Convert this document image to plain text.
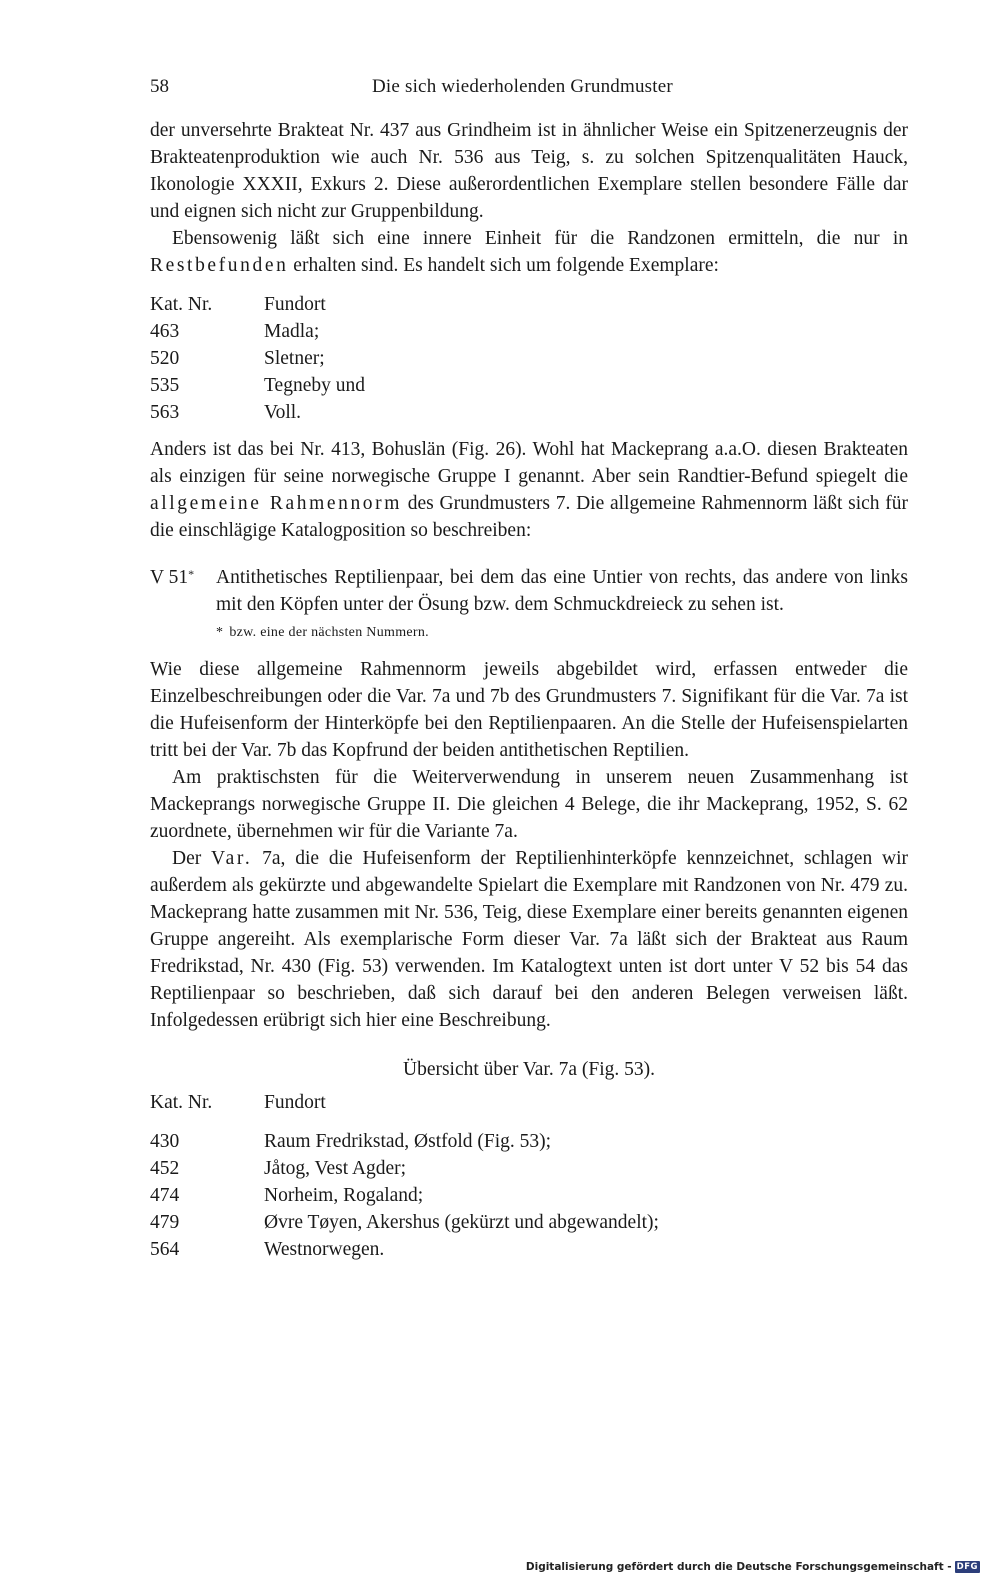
58	Die sich wiederholenden Grundmuster

der unversehrte Brakteat Nr. 437 aus Grindheim ist in ähnlicher Weise ein Spitzenerzeugnis der Brakteatenproduktion wie auch Nr. 536 aus Teig, s. zu solchen Spitzenqualitäten Hauck, Ikonologie XXXII, Exkurs 2. Diese außerordentlichen Exemplare stellen besondere Fälle dar und eignen sich nicht zur Gruppenbildung.

Ebensowenig läßt sich eine innere Einheit für die Randzonen ermitteln, die nur in Restbefunden erhalten sind. Es handelt sich um folgende Exemplare:

Kat. Nr.	Fundort
463	Madla;
520	Sletner;
535	Tegneby und
563	Voll.

Anders ist das bei Nr. 413, Bohuslän (Fig. 26). Wohl hat Mackeprang a.a.O. diesen Brakteaten als einzigen für seine norwegische Gruppe I genannt. Aber sein Randtier-Befund spiegelt die allgemeine Rahmennorm des Grundmusters 7. Die allgemeine Rahmennorm läßt sich für die einschlägige Katalogposition so beschreiben:

V 51*	Antithetisches Reptilienpaar, bei dem das eine Untier von rechts, das andere von links mit den Köpfen unter der Ösung bzw. dem Schmuckdreieck zu sehen ist.
* bzw. eine der nächsten Nummern.

Wie diese allgemeine Rahmennorm jeweils abgebildet wird, erfassen entweder die Einzelbeschreibungen oder die Var. 7a und 7b des Grundmusters 7. Signifikant für die Var. 7a ist die Hufeisenform der Hinterköpfe bei den Reptilienpaaren. An die Stelle der Hufeisenspielarten tritt bei der Var. 7b das Kopfrund der beiden antithetischen Reptilien.

Am praktischsten für die Weiterverwendung in unserem neuen Zusammenhang ist Mackeprangs norwegische Gruppe II. Die gleichen 4 Belege, die ihr Mackeprang, 1952, S. 62 zuordnete, übernehmen wir für die Variante 7a.

Der Var. 7a, die die Hufeisenform der Reptilienhinterköpfe kennzeichnet, schlagen wir außerdem als gekürzte und abgewandelte Spielart die Exemplare mit Randzonen von Nr. 479 zu. Mackeprang hatte zusammen mit Nr. 536, Teig, diese Exemplare einer bereits genannten eigenen Gruppe angereiht. Als exemplarische Form dieser Var. 7a läßt sich der Brakteat aus Raum Fredrikstad, Nr. 430 (Fig. 53) verwenden. Im Katalogtext unten ist dort unter V 52 bis 54 das Reptilienpaar so beschrieben, daß sich darauf bei den anderen Belegen verweisen läßt. Infolgedessen erübrigt sich hier eine Beschreibung.

Übersicht über Var. 7a (Fig. 53).
Kat. Nr.	Fundort
430	Raum Fredrikstad, Østfold (Fig. 53);
452	Jåtog, Vest Agder;
474	Norheim, Rogaland;
479	Øvre Tøyen, Akershus (gekürzt und abgewandelt);
564	Westnorwegen.
Digitalisierung gefördert durch die Deutsche Forschungsgemeinschaft - DFG
